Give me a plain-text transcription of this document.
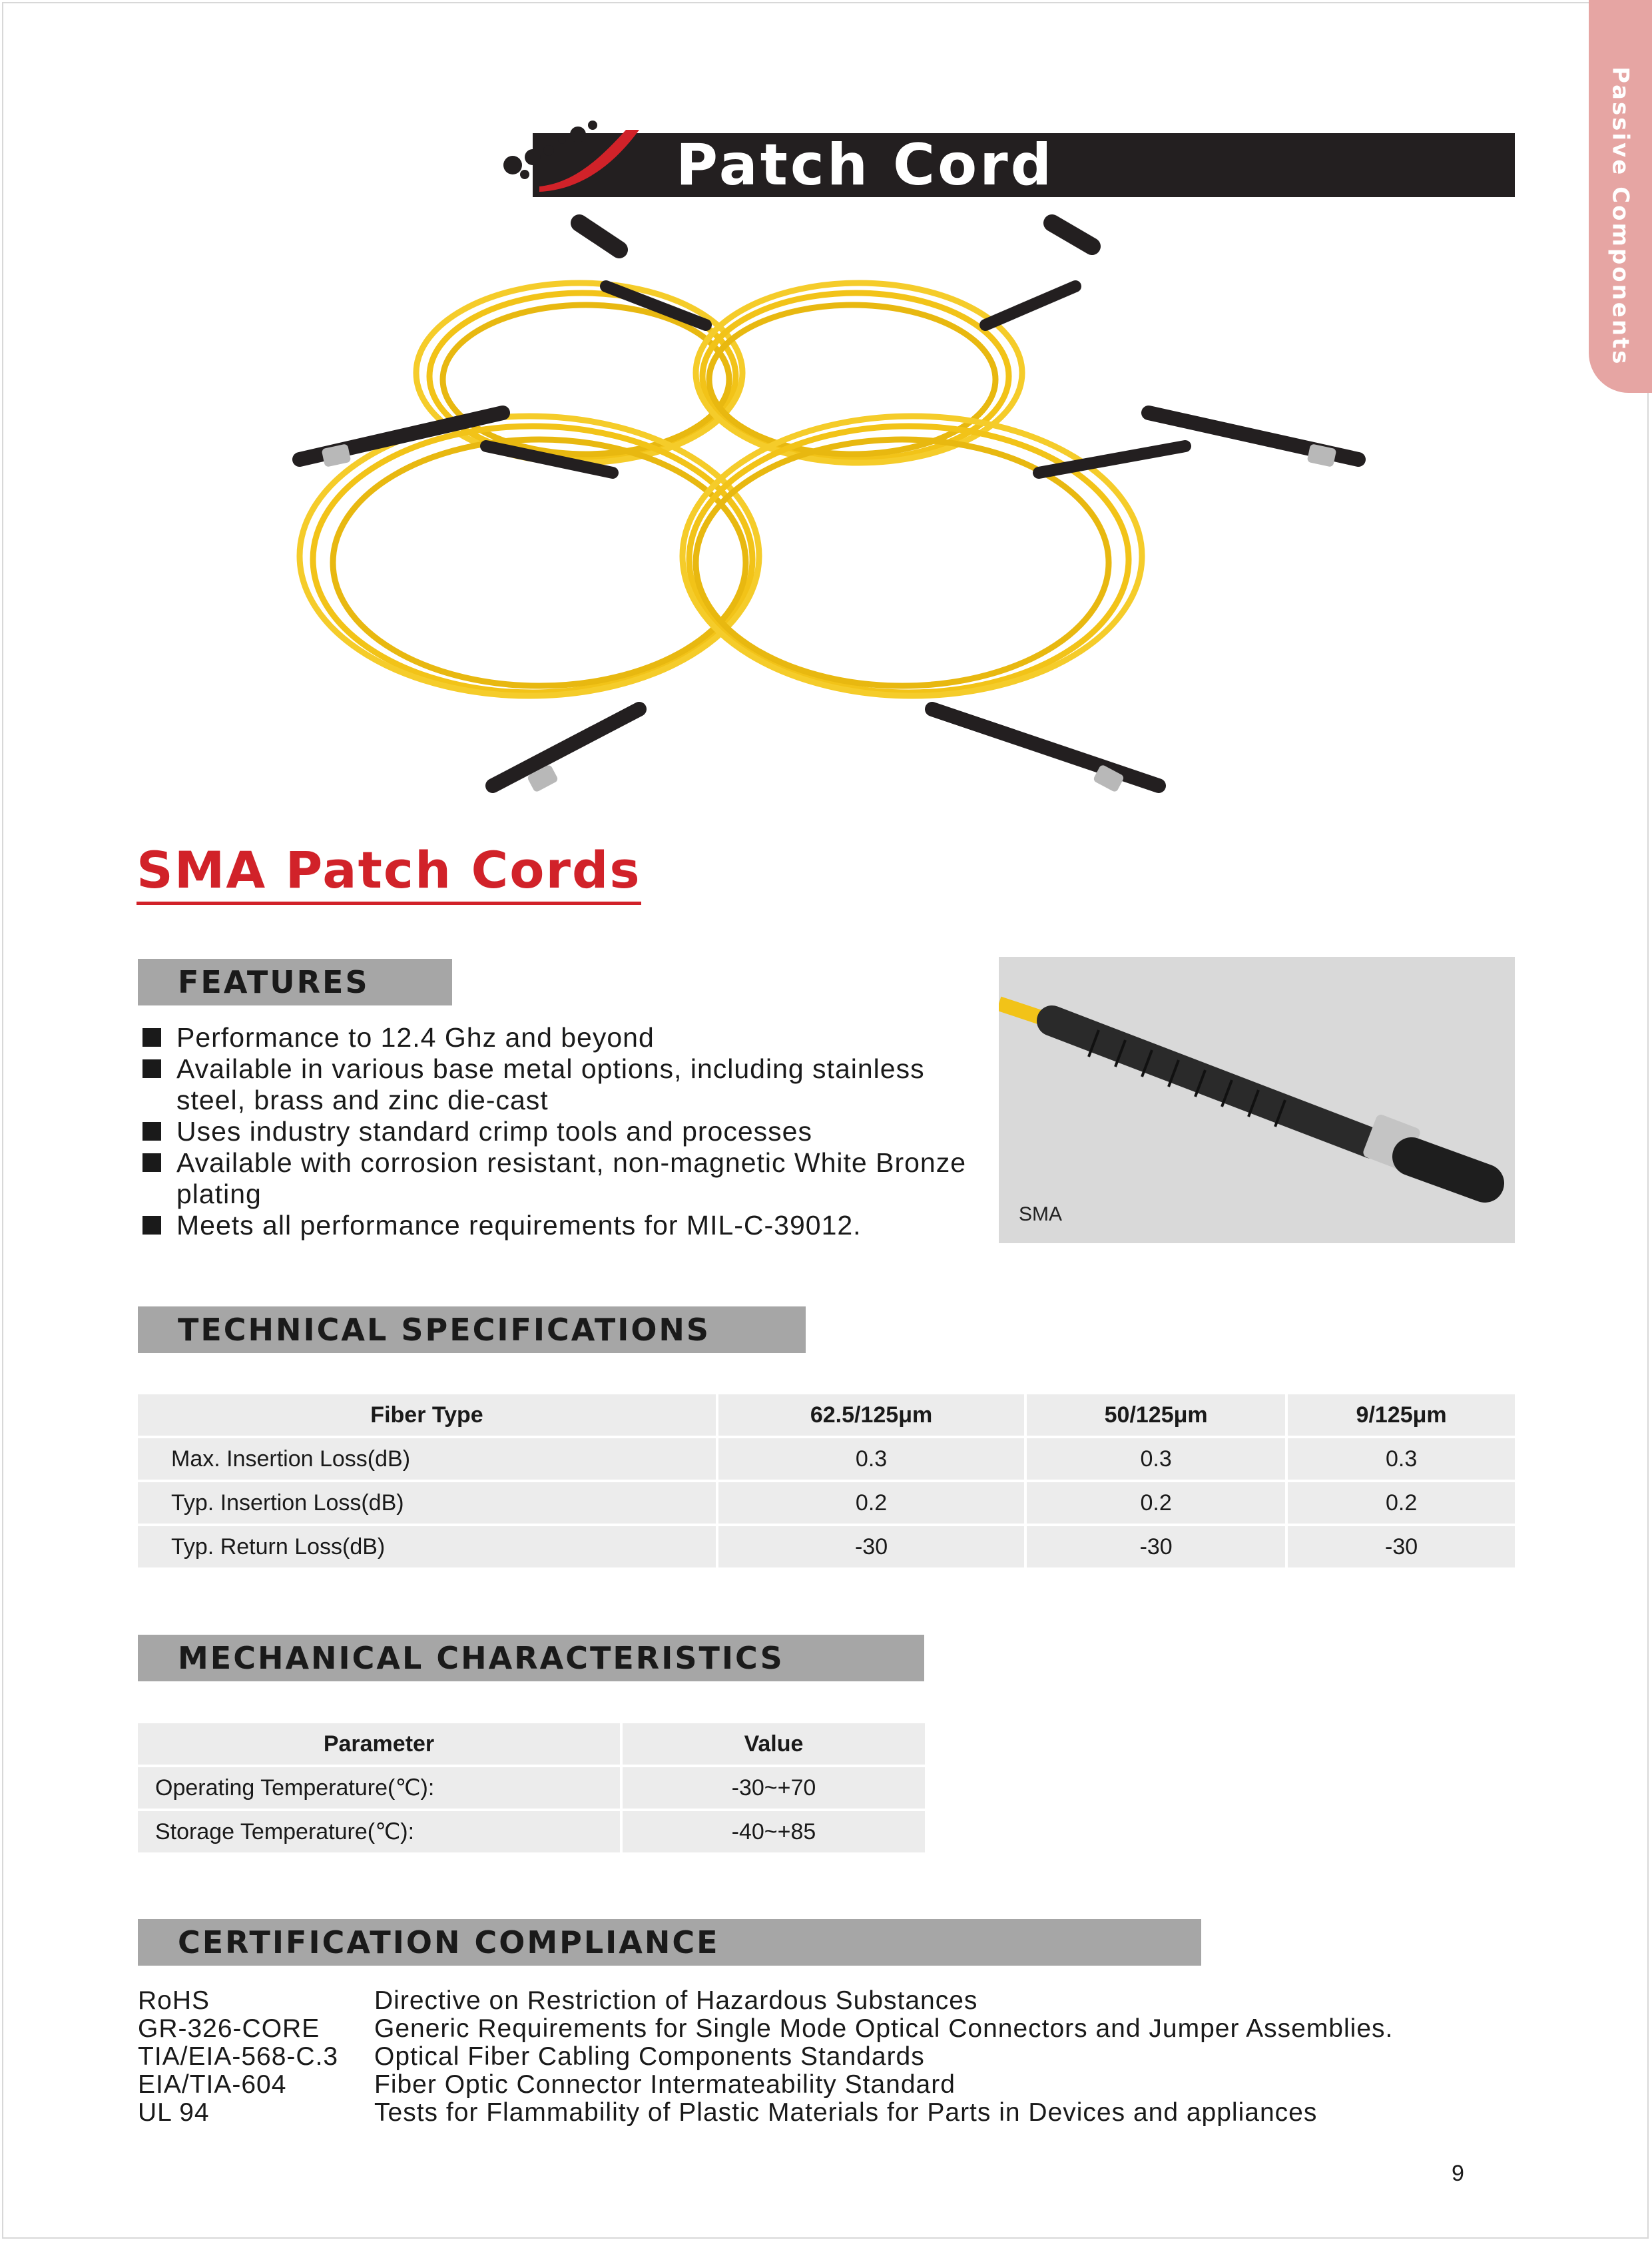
Passive Components
Patch Cord
SMA Patch Cords
FEATURES
Performance to 12.4 Ghz and beyond
Available in various base metal options, including stainless steel, brass and zinc die-cast
Uses industry standard crimp tools and processes
Available with corrosion resistant, non-magnetic White Bronze plating
Meets all performance requirements for MIL-C-39012.	SMA
TECHNICAL SPECIFICATIONS
Fiber Type	62.5/125μm	50/125μm	9/125μm
Max. Insertion Loss(dB)	0.3	0.3	0.3
Typ. Insertion Loss(dB)	0.2	0.2	0.2
Typ. Return Loss(dB)	-30	-30	-30
MECHANICAL CHARACTERISTICS
Parameter	Value
Operating Temperature(℃):	-30~+70
Storage Temperature(℃):	-40~+85
CERTIFICATION COMPLIANCE
RoHS	Directive on Restriction of Hazardous Substances
GR-326-CORE	Generic Requirements for Single Mode Optical Connectors and Jumper Assemblies.
TIA/EIA-568-C.3	Optical Fiber Cabling Components Standards
EIA/TIA-604	Fiber Optic Connector Intermateability Standard
UL 94	Tests for Flammability of Plastic Materials for Parts in Devices and appliances
9
